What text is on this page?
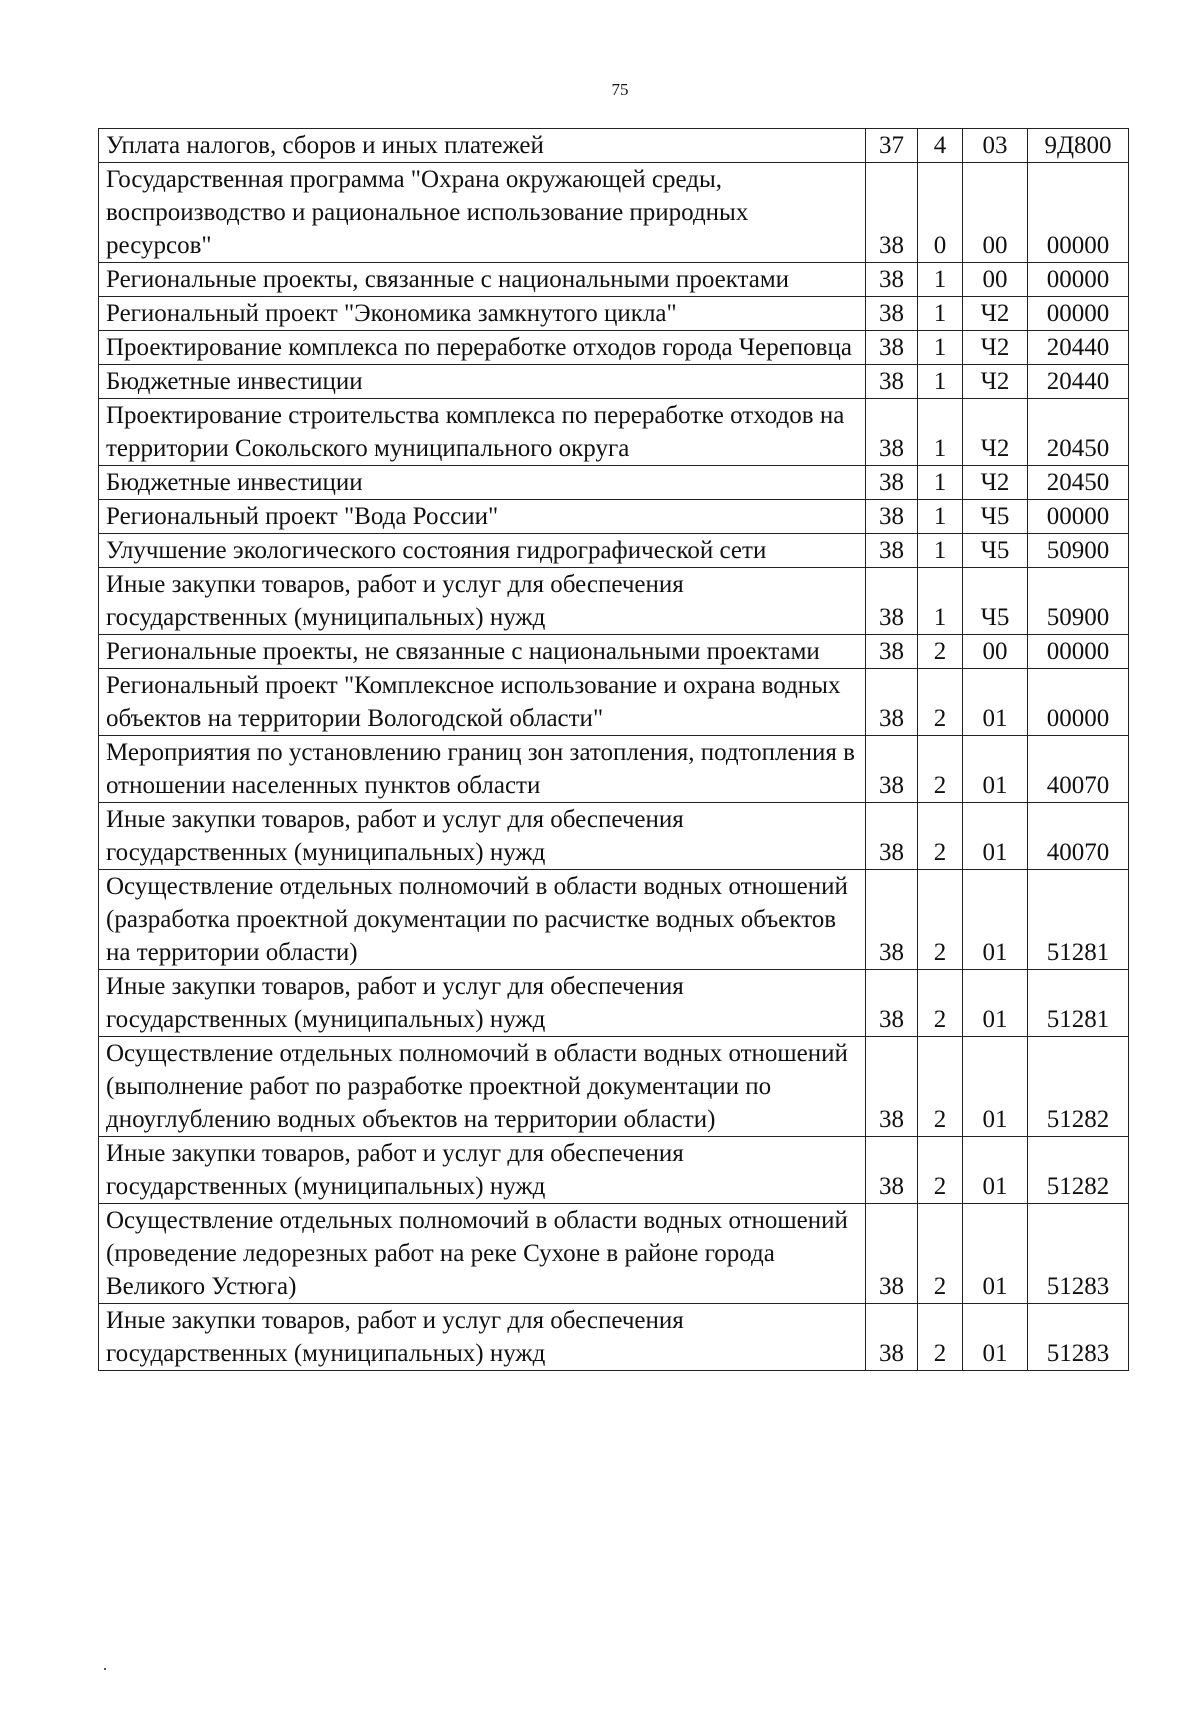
75
Уплата налогов, сборов и иных платежей	37	4	03	9Д800
Государственная программа "Охрана окружающей среды, воспроизводство и рациональное использование природных ресурсов"	38	0	00	00000
Региональные проекты, связанные с национальными проектами	38	1	00	00000
Региональный проект "Экономика замкнутого цикла"	38	1	Ч2	00000
Проектирование комплекса по переработке отходов города Череповца	38	1	Ч2	20440
Бюджетные инвестиции	38	1	Ч2	20440
Проектирование строительства комплекса по переработке отходов на территории Сокольского муниципального округа	38	1	Ч2	20450
Бюджетные инвестиции	38	1	Ч2	20450
Региональный проект "Вода России"	38	1	Ч5	00000
Улучшение экологического состояния гидрографической сети	38	1	Ч5	50900
Иные закупки товаров, работ и услуг для обеспечения государственных (муниципальных) нужд	38	1	Ч5	50900
Региональные проекты, не связанные с национальными проектами	38	2	00	00000
Региональный проект "Комплексное использование и охрана водных объектов на территории Вологодской области"	38	2	01	00000
Мероприятия по установлению границ зон затопления, подтопления в отношении населенных пунктов области	38	2	01	40070
Иные закупки товаров, работ и услуг для обеспечения государственных (муниципальных) нужд	38	2	01	40070
Осуществление отдельных полномочий в области водных отношений (разработка проектной документации по расчистке водных объектов на территории области)	38	2	01	51281
Иные закупки товаров, работ и услуг для обеспечения государственных (муниципальных) нужд	38	2	01	51281
Осуществление отдельных полномочий в области водных отношений (выполнение работ по разработке проектной документации по дноуглублению водных объектов на территории области)	38	2	01	51282
Иные закупки товаров, работ и услуг для обеспечения государственных (муниципальных) нужд	38	2	01	51282
Осуществление отдельных полномочий в области водных отношений (проведение ледорезных работ на реке Сухоне в районе города Великого Устюга)	38	2	01	51283
Иные закупки товаров, работ и услуг для обеспечения государственных (муниципальных) нужд	38	2	01	51283
